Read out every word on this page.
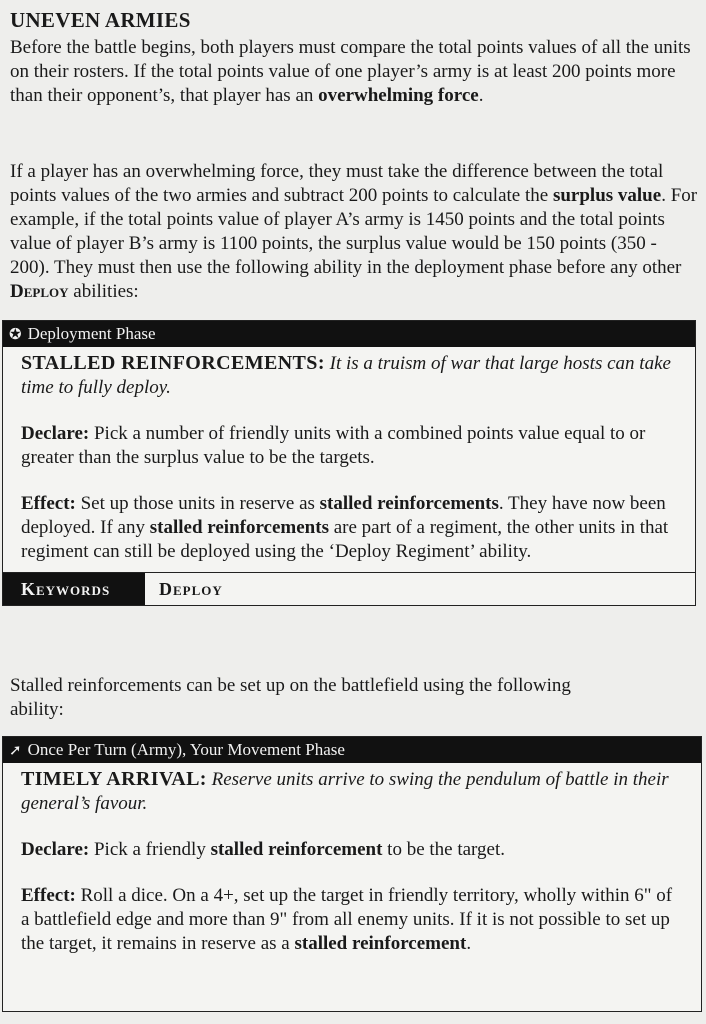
UNEVEN ARMIES
Before the battle begins, both players must compare the total points values of all the units on their rosters. If the total points value of one player’s army is at least 200 points more than their opponent’s, that player has an overwhelming force.
If a player has an overwhelming force, they must take the difference between the total points values of the two armies and subtract 200 points to calculate the surplus value. For example, if the total points value of player A’s army is 1450 points and the total points value of player B’s army is 1100 points, the surplus value would be 150 points (350 - 200). They must then use the following ability in the deployment phase before any other Deploy abilities:
✪ Deployment Phase

STALLED REINFORCEMENTS: It is a truism of war that large hosts can take time to fully deploy.

Declare: Pick a number of friendly units with a combined points value equal to or greater than the surplus value to be the targets.

Effect: Set up those units in reserve as stalled reinforcements. They have now been deployed. If any stalled reinforcements are part of a regiment, the other units in that regiment can still be deployed using the ‘Deploy Regiment’ ability.

Keywords	Deploy
Stalled reinforcements can be set up on the battlefield using the following ability:
➚ Once Per Turn (Army), Your Movement Phase

TIMELY ARRIVAL: Reserve units arrive to swing the pendulum of battle in their general’s favour.

Declare: Pick a friendly stalled reinforcement to be the target.

Effect: Roll a dice. On a 4+, set up the target in friendly territory, wholly within 6" of a battlefield edge and more than 9" from all enemy units. If it is not possible to set up the target, it remains in reserve as a stalled reinforcement.
